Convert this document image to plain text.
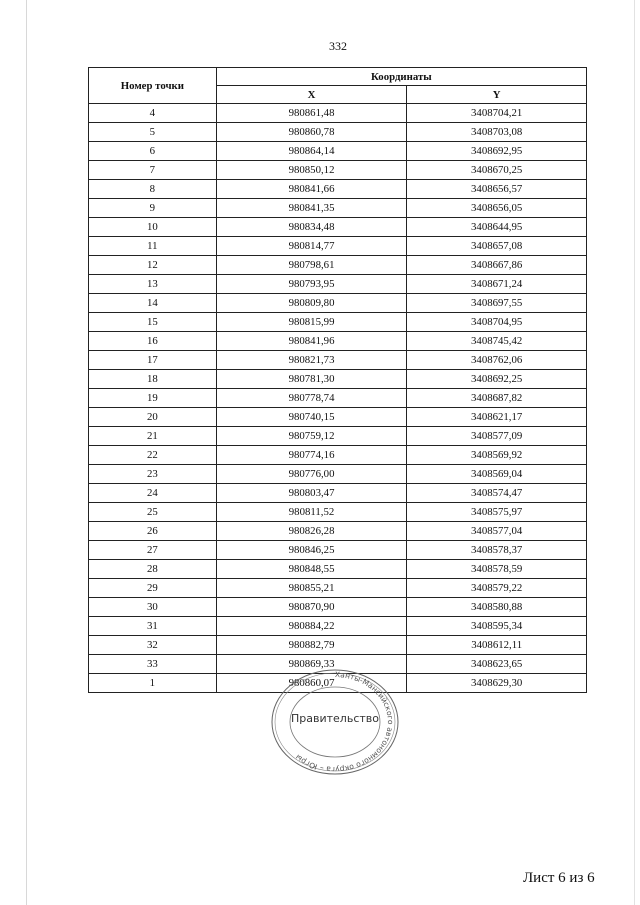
332
Номер точки	Координаты	
	X	Y
4	980861,48	3408704,21
5	980860,78	3408703,08
6	980864,14	3408692,95
7	980850,12	3408670,25
8	980841,66	3408656,57
9	980841,35	3408656,05
10	980834,48	3408644,95
11	980814,77	3408657,08
12	980798,61	3408667,86
13	980793,95	3408671,24
14	980809,80	3408697,55
15	980815,99	3408704,95
16	980841,96	3408745,42
17	980821,73	3408762,06
18	980781,30	3408692,25
19	980778,74	3408687,82
20	980740,15	3408621,17
21	980759,12	3408577,09
22	980774,16	3408569,92
23	980776,00	3408569,04
24	980803,47	3408574,47
25	980811,52	3408575,97
26	980826,28	3408577,04
27	980846,25	3408578,37
28	980848,55	3408578,59
29	980855,21	3408579,22
30	980870,90	3408580,88
31	980884,22	3408595,34
32	980882,79	3408612,11
33	980869,33	3408623,65
1	980860,07	3408629,30
Ханты-Мансийского автономного округа – Югры
Правительство
Лист 6 из 6
